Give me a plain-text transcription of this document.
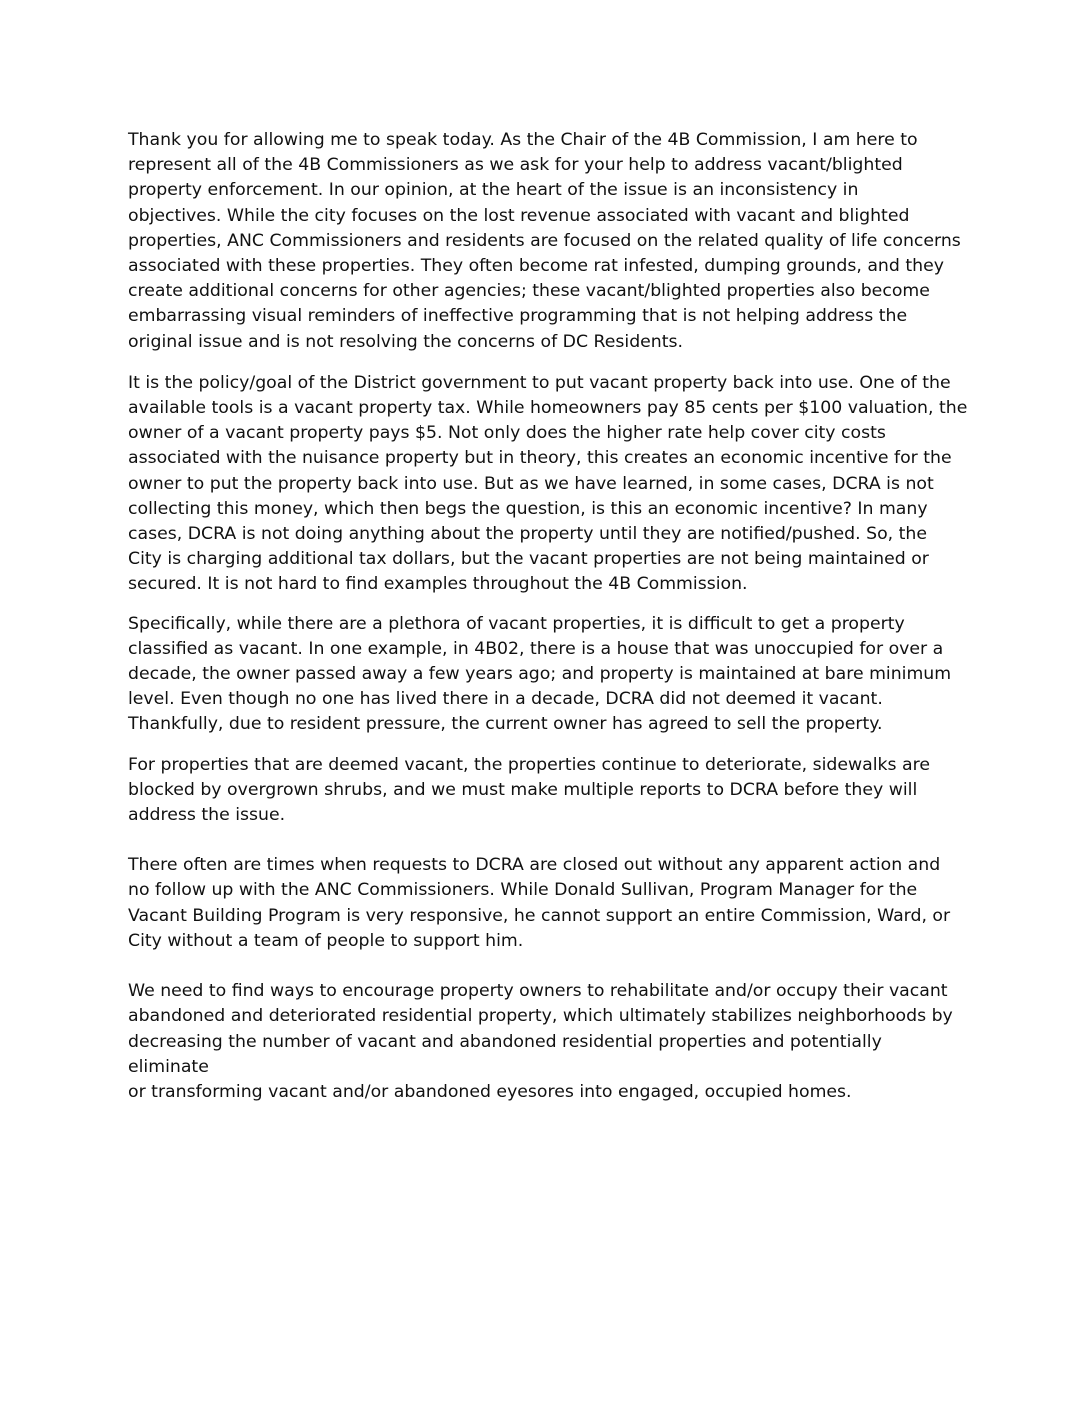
Thank you for allowing me to speak today. As the Chair of the 4B Commission, I am here to
represent all of the 4B Commissioners as we ask for your help to address vacant/blighted
property enforcement. In our opinion, at the heart of the issue is an inconsistency in
objectives. While the city focuses on the lost revenue associated with vacant and blighted
properties, ANC Commissioners and residents are focused on the related quality of life concerns
associated with these properties. They often become rat infested, dumping grounds, and they
create additional concerns for other agencies; these vacant/blighted properties also become
embarrassing visual reminders of ineffective programming that is not helping address the
original issue and is not resolving the concerns of DC Residents.

It is the policy/goal of the District government to put vacant property back into use. One of the
available tools is a vacant property tax. While homeowners pay 85 cents per $100 valuation, the
owner of a vacant property pays $5. Not only does the higher rate help cover city costs
associated with the nuisance property but in theory, this creates an economic incentive for the
owner to put the property back into use. But as we have learned, in some cases, DCRA is not
collecting this money, which then begs the question, is this an economic incentive? In many
cases, DCRA is not doing anything about the property until they are notified/pushed. So, the
City is charging additional tax dollars, but the vacant properties are not being maintained or
secured. It is not hard to find examples throughout the 4B Commission.

Specifically, while there are a plethora of vacant properties, it is difficult to get a property
classified as vacant. In one example, in 4B02, there is a house that was unoccupied for over a
decade, the owner passed away a few years ago; and property is maintained at bare minimum
level. Even though no one has lived there in a decade, DCRA did not deemed it vacant.
Thankfully, due to resident pressure, the current owner has agreed to sell the property.

For properties that are deemed vacant, the properties continue to deteriorate, sidewalks are
blocked by overgrown shrubs, and we must make multiple reports to DCRA before they will
address the issue.

There often are times when requests to DCRA are closed out without any apparent action and
no follow up with the ANC Commissioners. While Donald Sullivan, Program Manager for the
Vacant Building Program is very responsive, he cannot support an entire Commission, Ward, or
City without a team of people to support him.

We need to find ways to encourage property owners to rehabilitate and/or occupy their vacant
abandoned and deteriorated residential property, which ultimately stabilizes neighborhoods by
decreasing the number of vacant and abandoned residential properties and potentially eliminate
or transforming vacant and/or abandoned eyesores into engaged, occupied homes.
